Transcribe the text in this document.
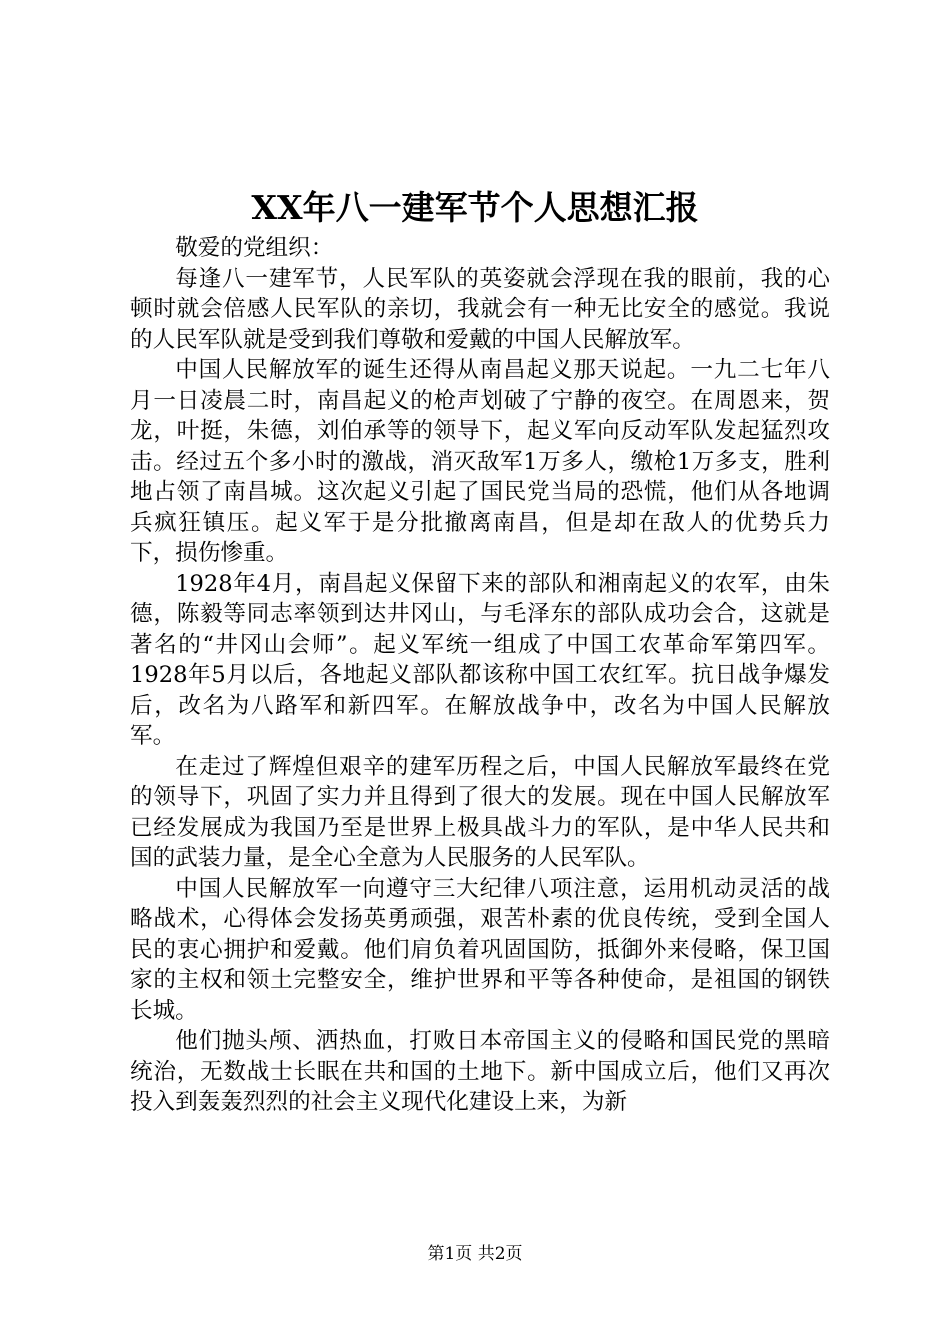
XX年八一建军节个人思想汇报

敬爱的党组织：

每逢八一建军节，人民军队的英姿就会浮现在我的眼前，我的心顿时就会倍感人民军队的亲切，我就会有一种无比安全的感觉。我说的人民军队就是受到我们尊敬和爱戴的中国人民解放军。

中国人民解放军的诞生还得从南昌起义那天说起。一九二七年八月一日凌晨二时，南昌起义的枪声划破了宁静的夜空。在周恩来，贺龙，叶挺，朱德，刘伯承等的领导下，起义军向反动军队发起猛烈攻击。经过五个多小时的激战，消灭敌军1万多人，缴枪1万多支，胜利地占领了南昌城。这次起义引起了国民党当局的恐慌，他们从各地调兵疯狂镇压。起义军于是分批撤离南昌，但是却在敌人的优势兵力下，损伤惨重。

1928年4月，南昌起义保留下来的部队和湘南起义的农军，由朱德，陈毅等同志率领到达井冈山，与毛泽东的部队成功会合，这就是著名的“井冈山会师”。起义军统一组成了中国工农革命军第四军。1928年5月以后，各地起义部队都该称中国工农红军。抗日战争爆发后，改名为八路军和新四军。在解放战争中，改名为中国人民解放军。

在走过了辉煌但艰辛的建军历程之后，中国人民解放军最终在党的领导下，巩固了实力并且得到了很大的发展。现在中国人民解放军已经发展成为我国乃至是世界上极具战斗力的军队，是中华人民共和国的武装力量，是全心全意为人民服务的人民军队。

中国人民解放军一向遵守三大纪律八项注意，运用机动灵活的战略战术，心得体会发扬英勇顽强，艰苦朴素的优良传统，受到全国人民的衷心拥护和爱戴。他们肩负着巩固国防，抵御外来侵略，保卫国家的主权和领土完整安全，维护世界和平等各种使命，是祖国的钢铁长城。

他们抛头颅、洒热血，打败日本帝国主义的侵略和国民党的黑暗统治，无数战士长眠在共和国的土地下。新中国成立后，他们又再次投入到轰轰烈烈的社会主义现代化建设上来，为新

第1页 共2页
